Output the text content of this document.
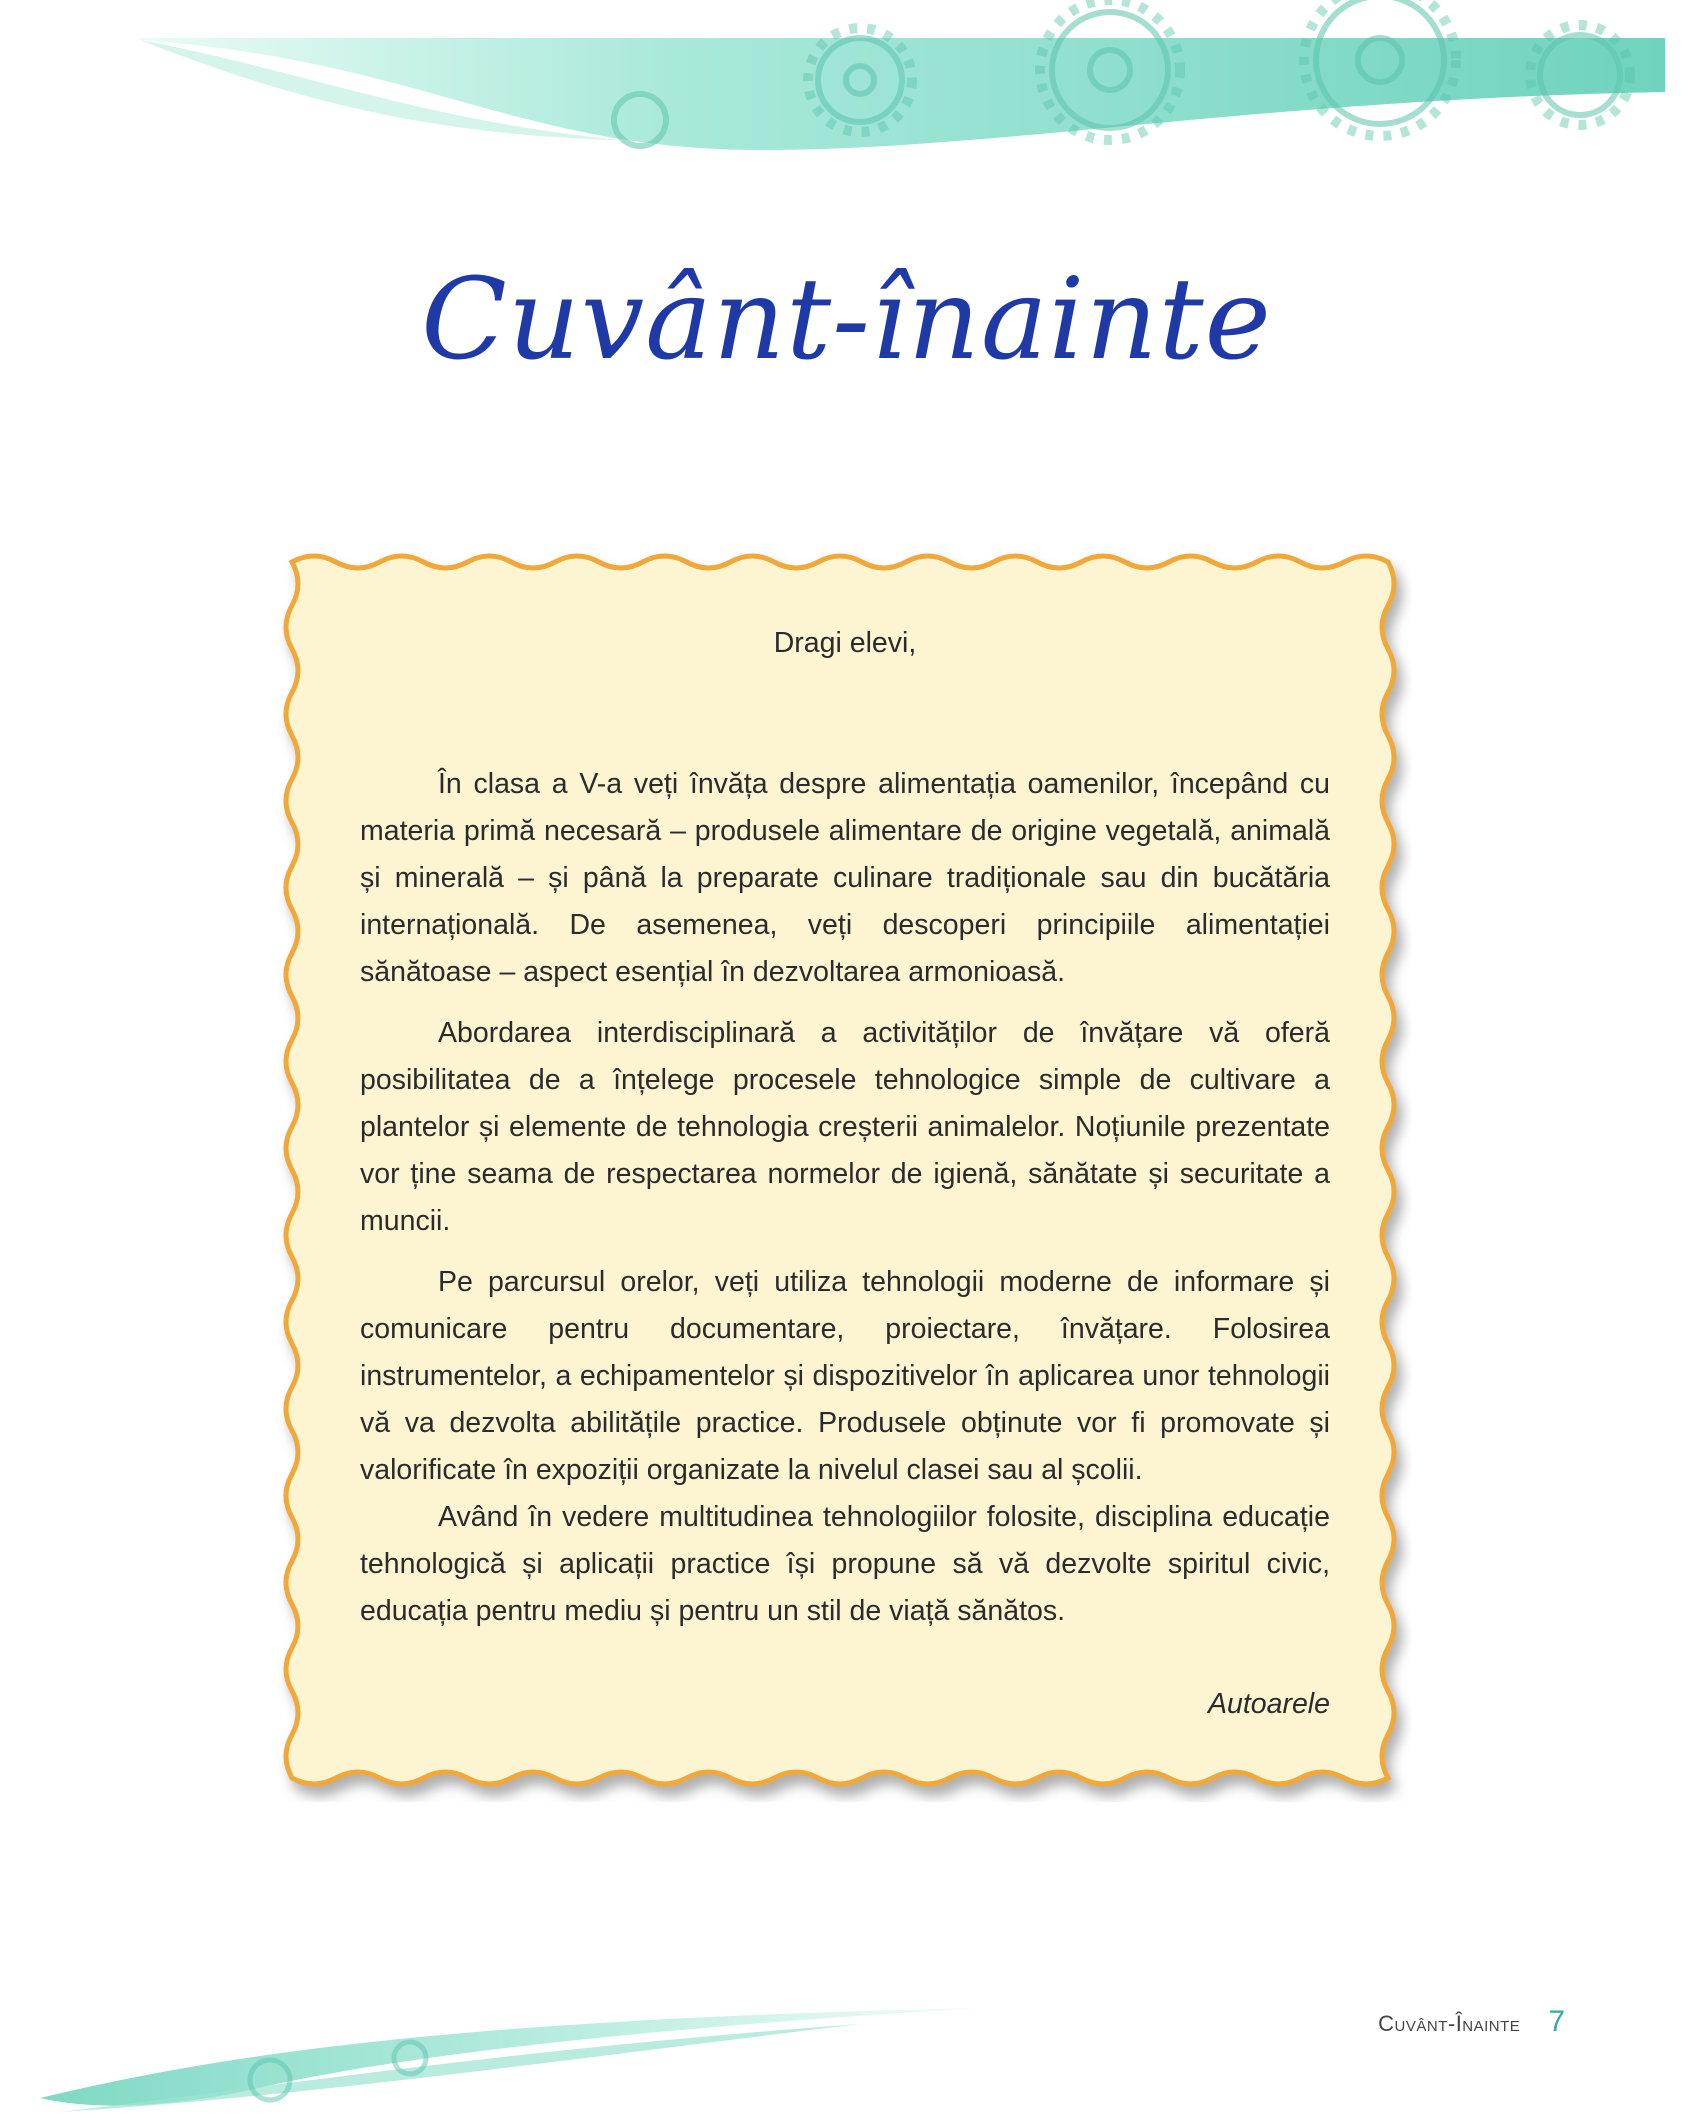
Cuvânt-înainte

Dragi elevi,

În clasa a V-a veți învăța despre alimentația oamenilor, începând cu materia primă necesară – produsele alimentare de origine vegetală, animală și minerală – și până la preparate culinare tradiționale sau din bucătăria internațională. De asemenea, veți descoperi principiile alimentației sănătoase – aspect esențial în dezvoltarea armonioasă.

Abordarea interdisciplinară a activităților de învățare vă oferă posibilitatea de a înțelege procesele tehnologice simple de cultivare a plantelor și elemente de tehnologia creșterii animalelor. Noțiunile prezentate vor ține seama de respectarea normelor de igienă, sănătate și securitate a muncii.

Pe parcursul orelor, veți utiliza tehnologii moderne de informare și comunicare pentru documentare, proiectare, învățare. Folosirea instrumentelor, a echipamentelor și dispozitivelor în aplicarea unor tehnologii vă va dezvolta abilitățile practice. Produsele obținute vor fi promovate și valorificate în expoziții organizate la nivelul clasei sau al școlii.

Având în vedere multitudinea tehnologiilor folosite, disciplina educație tehnologică și aplicații practice își propune să vă dezvolte spiritul civic, educația pentru mediu și pentru un stil de viață sănătos.

Autoarele

Cuvânt-Înainte 7
